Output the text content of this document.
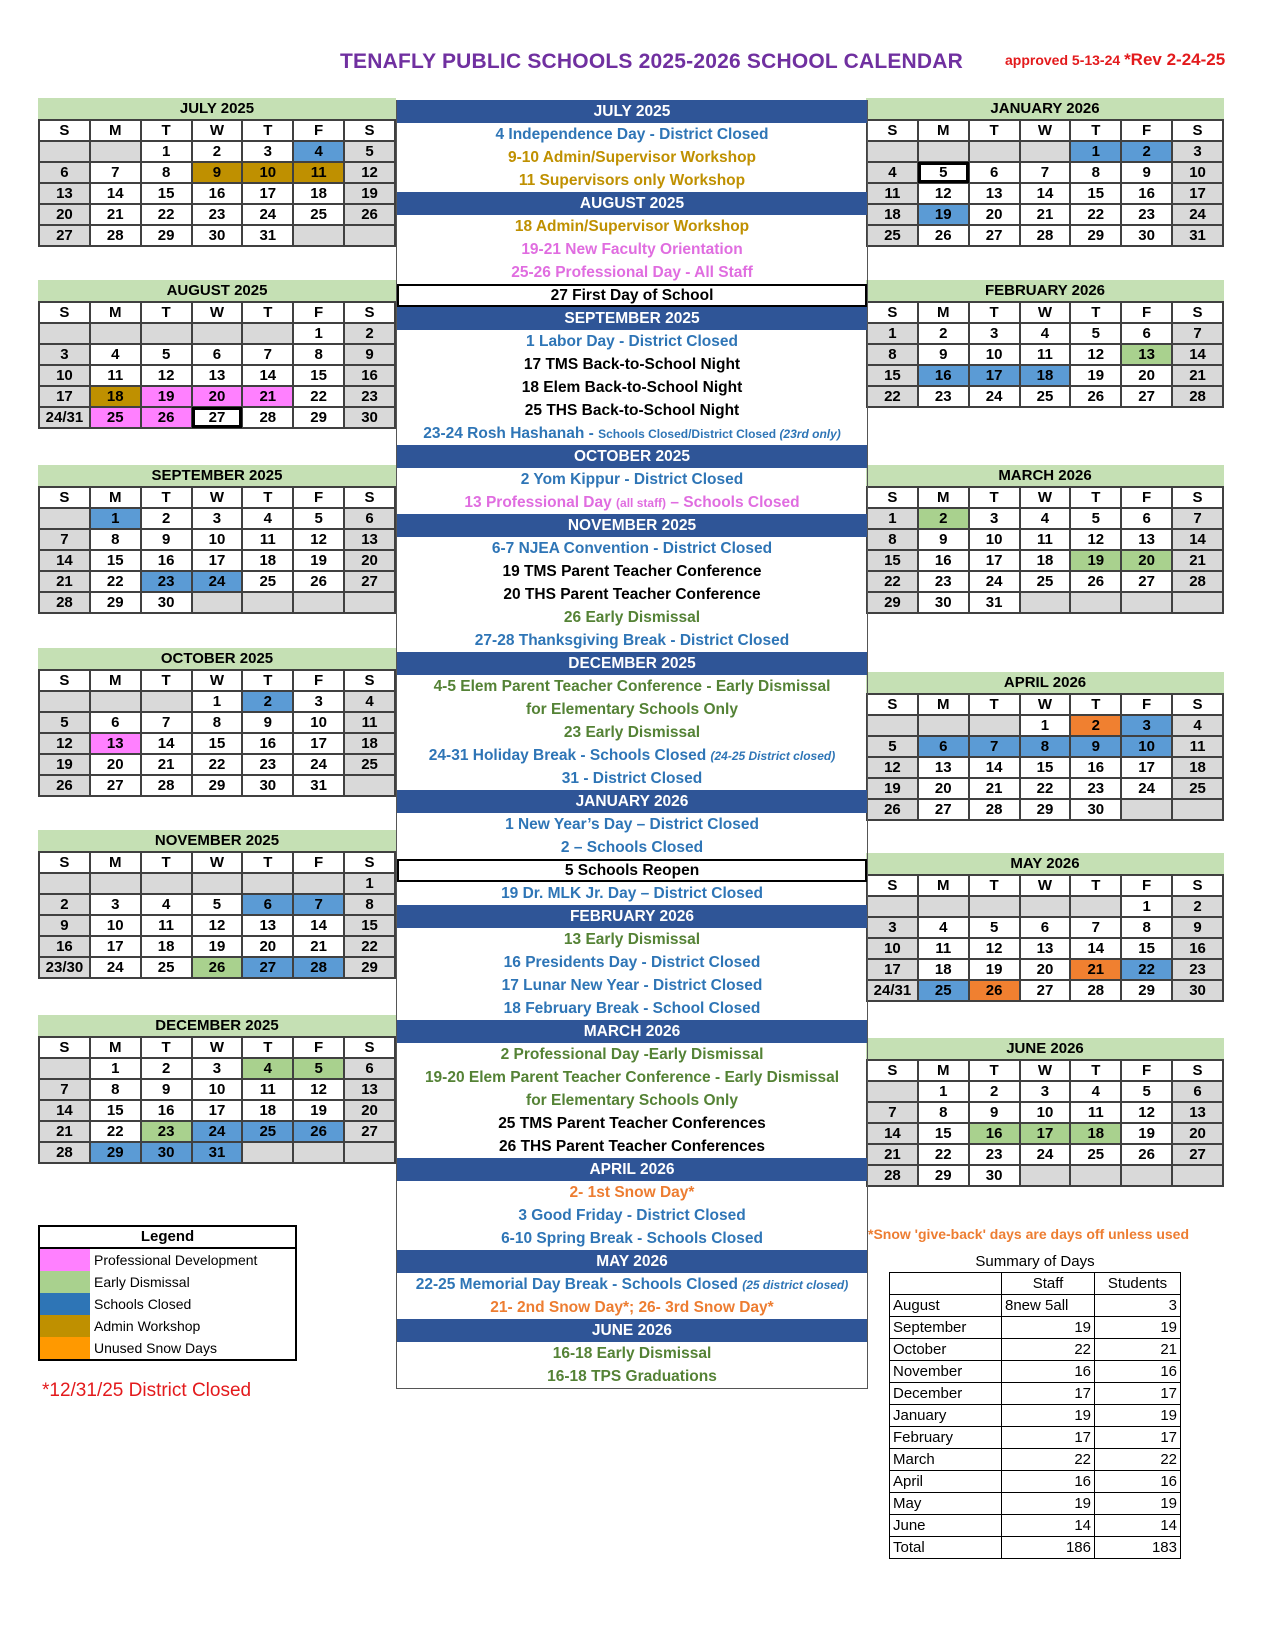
TENAFLY PUBLIC SCHOOLS 2025-2026 SCHOOL CALENDAR	approved 5-13-24 *Rev 2-24-25
JULY 2025
S	M	T	W	T	F	S
		1	2	3	4	5
6	7	8	9	10	11	12
13	14	15	16	17	18	19
20	21	22	23	24	25	26
27	28	29	30	31		
AUGUST 2025
S	M	T	W	T	F	S
					1	2
3	4	5	6	7	8	9
10	11	12	13	14	15	16
17	18	19	20	21	22	23
24/31	25	26	27	28	29	30
SEPTEMBER 2025
S	M	T	W	T	F	S
	1	2	3	4	5	6
7	8	9	10	11	12	13
14	15	16	17	18	19	20
21	22	23	24	25	26	27
28	29	30				
OCTOBER 2025
S	M	T	W	T	F	S
			1	2	3	4
5	6	7	8	9	10	11
12	13	14	15	16	17	18
19	20	21	22	23	24	25
26	27	28	29	30	31	
NOVEMBER 2025
S	M	T	W	T	F	S
						1
2	3	4	5	6	7	8
9	10	11	12	13	14	15
16	17	18	19	20	21	22
23/30	24	25	26	27	28	29
DECEMBER 2025
S	M	T	W	T	F	S
	1	2	3	4	5	6
7	8	9	10	11	12	13
14	15	16	17	18	19	20
21	22	23	24	25	26	27
28	29	30	31			
JANUARY 2026
S	M	T	W	T	F	S
				1	2	3
4	5	6	7	8	9	10
11	12	13	14	15	16	17
18	19	20	21	22	23	24
25	26	27	28	29	30	31
FEBRUARY 2026
S	M	T	W	T	F	S
1	2	3	4	5	6	7
8	9	10	11	12	13	14
15	16	17	18	19	20	21
22	23	24	25	26	27	28
MARCH 2026
S	M	T	W	T	F	S
1	2	3	4	5	6	7
8	9	10	11	12	13	14
15	16	17	18	19	20	21
22	23	24	25	26	27	28
29	30	31				
APRIL 2026
S	M	T	W	T	F	S
			1	2	3	4
5	6	7	8	9	10	11
12	13	14	15	16	17	18
19	20	21	22	23	24	25
26	27	28	29	30		
MAY 2026
S	M	T	W	T	F	S
					1	2
3	4	5	6	7	8	9
10	11	12	13	14	15	16
17	18	19	20	21	22	23
24/31	25	26	27	28	29	30
JUNE 2026
S	M	T	W	T	F	S
	1	2	3	4	5	6
7	8	9	10	11	12	13
14	15	16	17	18	19	20
21	22	23	24	25	26	27
28	29	30				
JULY 2025
4 Independence Day - District Closed
9-10 Admin/Supervisor Workshop
11 Supervisors only Workshop
AUGUST 2025
18 Admin/Supervisor Workshop
19-21 New Faculty Orientation
25-26 Professional Day - All Staff
27 First Day of School
SEPTEMBER 2025
1 Labor Day - District Closed
17 TMS Back-to-School Night
18 Elem Back-to-School Night
25 THS Back-to-School Night
23-24 Rosh Hashanah - Schools Closed/District Closed (23rd only)
OCTOBER 2025
2 Yom Kippur - District Closed
13 Professional Day (all staff) – Schools Closed
NOVEMBER 2025
6-7 NJEA Convention - District Closed
19 TMS Parent Teacher Conference
20 THS Parent Teacher Conference
26 Early Dismissal
27-28 Thanksgiving Break - District Closed
DECEMBER 2025
4-5 Elem Parent Teacher Conference - Early Dismissal
for Elementary Schools Only
23 Early Dismissal
24-31 Holiday Break - Schools Closed (24-25 District closed)
31 - District Closed
JANUARY 2026
1 New Year’s Day – District Closed
2 – Schools Closed
5 Schools Reopen
19 Dr. MLK Jr. Day – District Closed
FEBRUARY 2026
13 Early Dismissal
16 Presidents Day - District Closed
17 Lunar New Year - District Closed
18 February Break - School Closed
MARCH 2026
2 Professional Day -Early Dismissal
19-20 Elem Parent Teacher Conference - Early Dismissal
for Elementary Schools Only
25 TMS Parent Teacher Conferences
26 THS Parent Teacher Conferences
APRIL 2026
2- 1st Snow Day*
3 Good Friday - District Closed
6-10 Spring Break - Schools Closed
MAY 2026
22-25 Memorial Day Break - Schools Closed (25 district closed)
21- 2nd Snow Day*; 26- 3rd Snow Day*
JUNE 2026
16-18 Early Dismissal
16-18 TPS Graduations
Legend
Professional Development
Early Dismissal
Schools Closed
Admin Workshop
Unused Snow Days
*12/31/25 District Closed
*Snow 'give-back' days are days off unless used
Summary of Days		
	Staff	Students
August	8new 5all	3
September	19	19
October	22	21
November	16	16
December	17	17
January	19	19
February	17	17
March	22	22
April	16	16
May	19	19
June	14	14
Total	186	183
